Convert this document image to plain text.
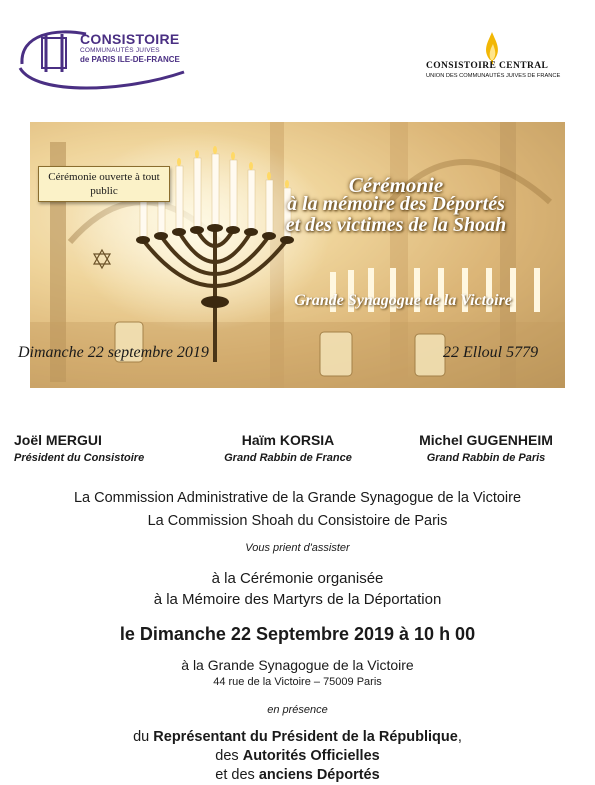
CONSISTOIRE
COMMUNAUTÉS JUIVES
de PARIS ILE-DE-FRANCE
CONSISTOIRE CENTRAL
UNION DES COMMUNAUTÉS JUIVES DE FRANCE
Cérémonie
à la mémoire des Déportés
et des victimes de la Shoah
Grande Synagogue de la Victoire
Cérémonie ouverte à tout public
Dimanche 22 septembre 2019	22 Elloul 5779
Joël MERGUI
Président du Consistoire
Haïm KORSIA
Grand Rabbin de France
Michel GUGENHEIM
Grand Rabbin de Paris
La Commission Administrative de la Grande Synagogue de la Victoire
La Commission Shoah du Consistoire de Paris
Vous prient d'assister
à la Cérémonie organisée
à la Mémoire des Martyrs de la Déportation
le Dimanche 22 Septembre 2019 à 10 h 00
à la Grande Synagogue de la Victoire
44 rue de la Victoire – 75009 Paris
en présence
du Représentant du Président de la République,
des Autorités Officielles
et des anciens Déportés
